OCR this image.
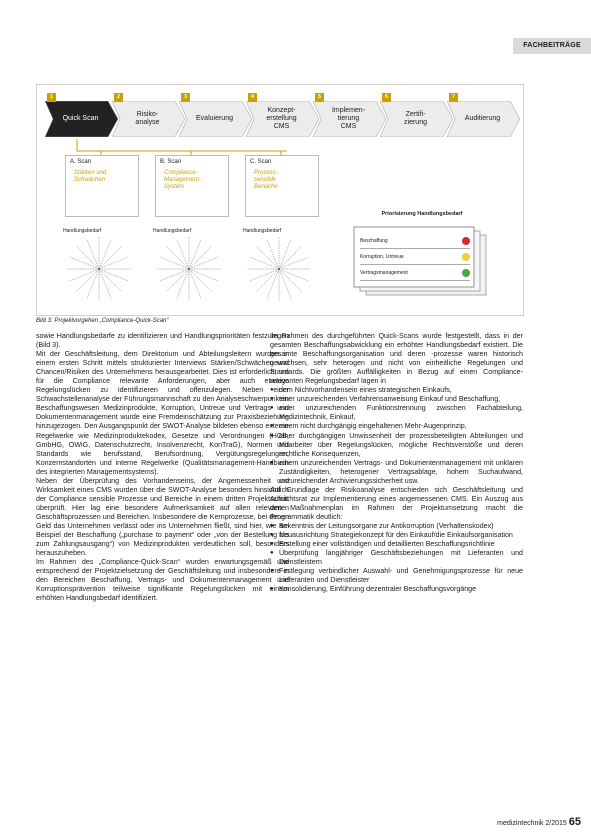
FACHBEITRÄGE
1
Quick Scan
2
Risiko-
analyse
3
Evaluierung
4
Konzept-
erstellung
CMS
5
Implemen-
tierung
CMS
6
Zertifi-
zierung
7
Auditierung
Priorisierung Handlungsbedarf
Beschaffung
Korruption, Untreue
Vertragsmanagement
A. Scan
Stärken und
Schwächen
Handlungsbedarf
B. Scan
Compliance-
Management-
System
Handlungsbedarf
C. Scan
Prozess-
sensible
Bereiche
Handlungsbedarf
Bild 3: Projektvorgehen „Compliance-Quick-Scan“

sowie Handlungsbedarfe zu identifizieren und Handlungsprioritäten festzulegen (Bild 3).

Mit der Geschäftsleitung, dem Direktorium und Abteilungsleitern wurden in einem ersten Schritt mittels strukturierter Interviews Stärken/Schwächen und Chancen/Risiken des Unternehmens herausgearbeitet. Dies ist erforderlich, um für die Compliance relevante Anforderungen, aber auch etwaige Regelungslücken zu identifizieren und offenzulegen. Neben einer Schwachstellenanalyse der Führungsmannschaft zu den Analyseschwerpunkten Beschaffungswesen Medizinprodukte, Korruption, Untreue und Vertrags- und Dokumentenmanagement wurde eine Fremdeinschätzung zur Praxisbeziehung hinzugezogen. Den Ausgangspunkt der SWOT-Analyse bildeten ebenso externe Regelwerke wie Medizinproduktekodex, Gesetze und Verordnungen (HGB, GmbHG, OWiG, Datenschutzrecht, Insolvenzrecht, KonTraG), Normen und Standards wie berufsstand, Berufsordnung, Vergütungsregelungen, Konzernstandorten und interne Regelwerke (Qualitätsmanagement-Handbuch des integrierten Managementsystems).

Neben der Überprüfung des Vorhandenseins, der Angemessenheit und Wirksamkeit eines CMS wurden über die SWOT-Analyse besonders hinsichtlich der Compliance sensible Prozesse und Bereiche in einem dritten Projektschritt überprüft. Hier lag eine besondere Aufmerksamkeit auf allen relevanten Geschäftsprozessen und Bereichen. Insbesondere die Kernprozesse, bei denen Geld das Unternehmen verlässt oder ins Unternehmen fließt, sind hier, wie am Beispiel der Beschaffung („purchase to payment“ oder „von der Bestellung bis zum Zahlungsausgang“) von Medizinprodukten verdeutlichen soll, besonders herauszuheben.

Im Rahmen des „Compliance-Quick-Scan“ wurden erwartungsgemäß und entsprechend der Projektzielsetzung der Geschäftsleitung und insbesondere in den Bereichen Beschaffung, Vertrags- und Dokumentenmanagement und Korruptionsprävention teilweise signifikante Regelungslücken mit einem erhöhten Handlungsbedarf identifiziert.

Im Rahmen des durchgeführten Quick-Scans wurde festgestellt, dass in der gesamten Beschaffungsabwicklung ein erhöhter Handlungsbedarf existiert. Die gesamte Beschaffungsorganisation und deren -prozesse waren historisch gewachsen, sehr heterogen und nicht von einheitliche Regelungen und Standards. Die größten Auffälligkeiten in Bezug auf einen Compliance-relevanten Regelungsbedarf lagen in

● dem Nichtvorhandensein eines strategischen Einkaufs,
● einer unzureichenden Verfahrensanweisung Einkauf und Beschaffung,
● einer unzureichenden Funktionstrennung zwischen Fachabteilung, Medizintechnik, Einkauf,
● einem nicht durchgängig eingehaltenen Mehr-Augenprinzip,
● einer durchgängigen Unwissenheit der prozessbeteiligten Abteilungen und Mitarbeiter über Regelungslücken, mögliche Rechtsverstöße und deren rechtliche Konsequenzen,
● einem unzureichenden Vertrags- und Dokumentenmanagement mit unklaren Zuständigkeiten, heterogener Vertragsablage, hohem Suchaufwand, unzureichender Archivierungssicherheit usw.

Auf Grundlage der Risikoanalyse entschieden sich Geschäftsleitung und Aufsichtsrat zur Implementierung eines angemessenen CMS. Ein Auszug aus den Maßnahmenplan im Rahmen der Projektumsetzung macht die Programmatik deutlich:

● Bekenntnis der Leitungsorgane zur Antikorruption (Verhaltenskodex)
● Neuausrichtung Strategiekonzept für den Einkauf/die Einkaufsorganisation
● Erstellung einer vollständigen und detaillierten Beschaffungsrichtlinie
● Überprüfung langjähriger Geschäftsbeziehungen mit Lieferanten und Dienstleistern
● Festlegung verbindlicher Auswahl- und Genehmigungsprozesse für neue Lieferanten und Dienstleister
● Konsolidierung, Einführung dezentraler Beschaffungsvorgänge
medizintechnik 2/2015 65
